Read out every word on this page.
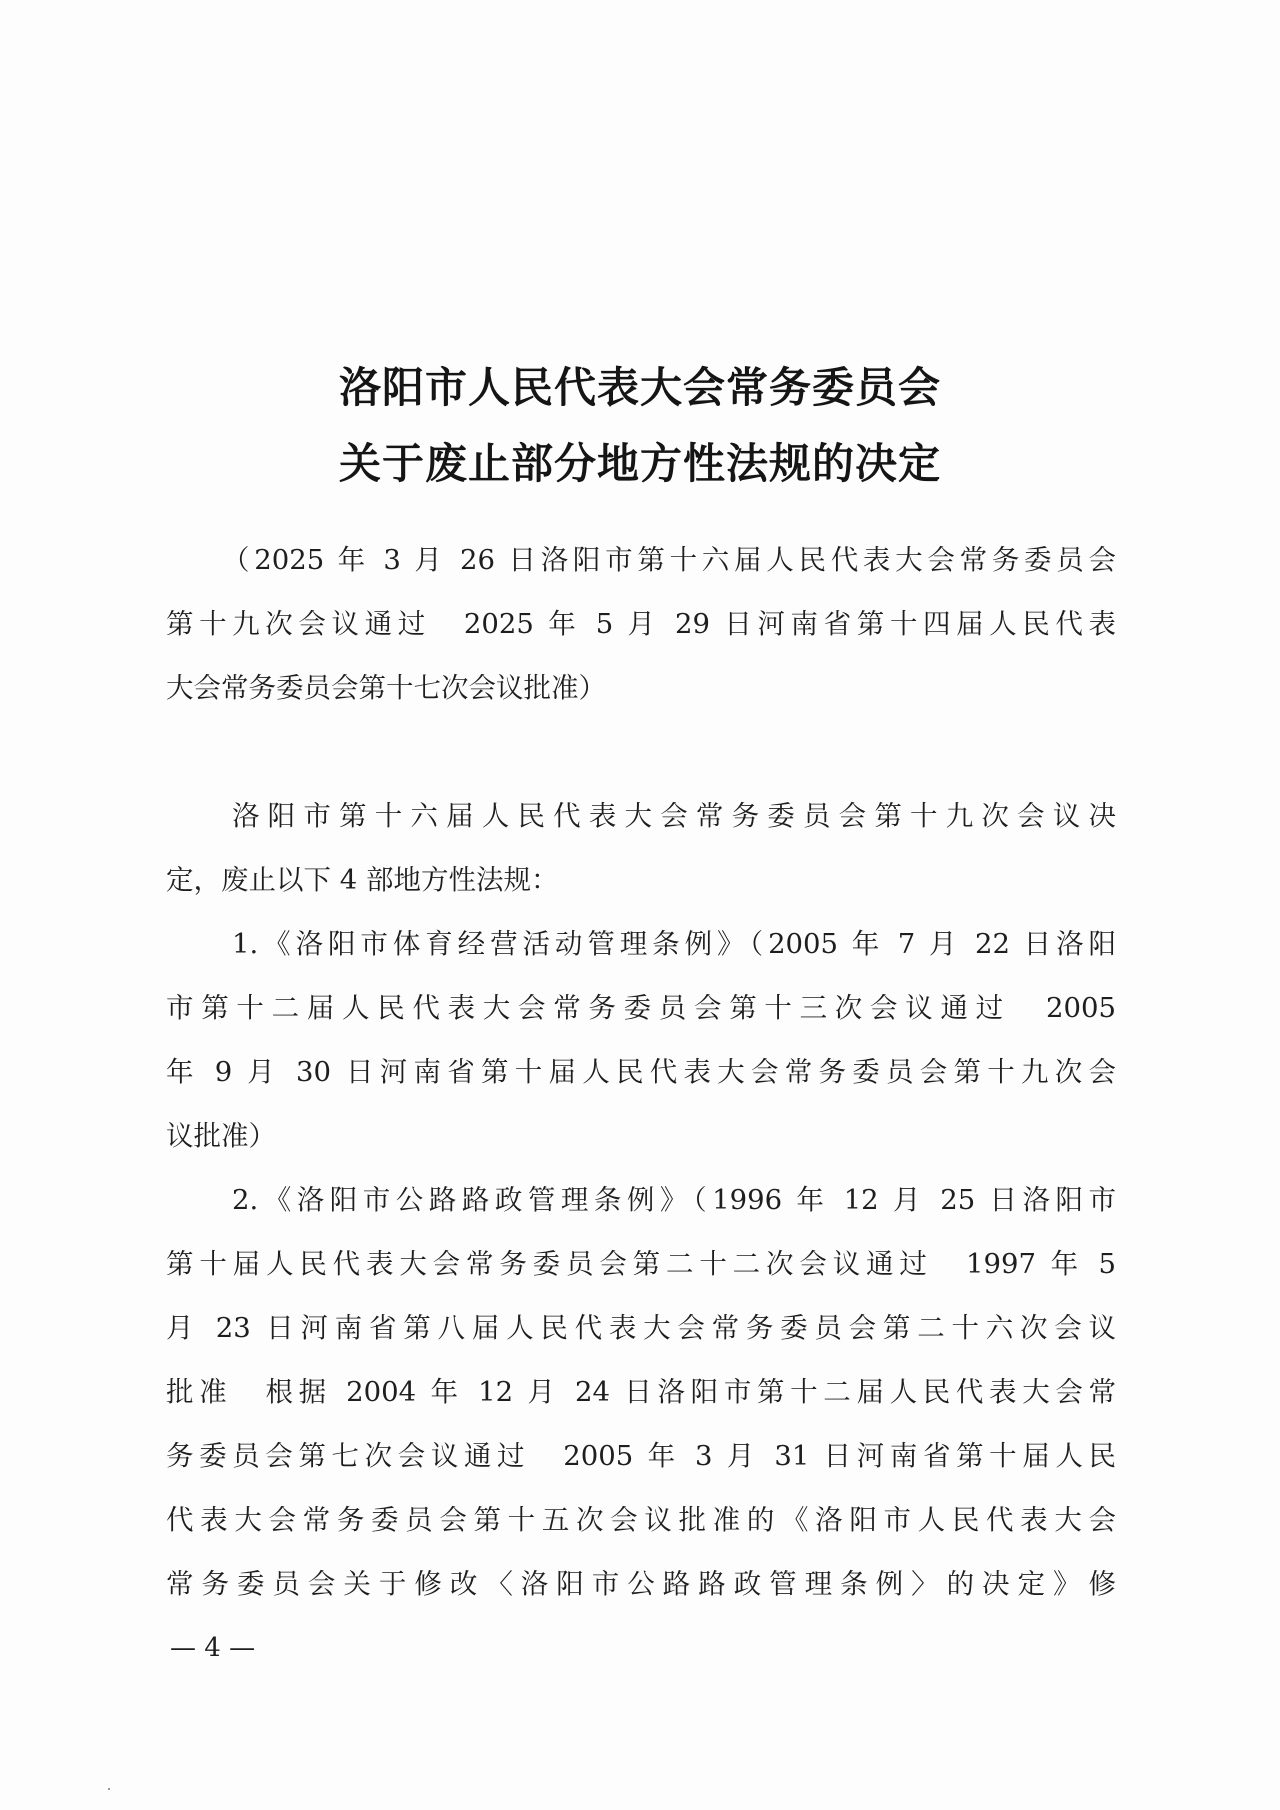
洛阳市人民代表大会常务委员会
关于废止部分地方性法规的决定
（2025 年 3 月 26 日洛阳市第十六届人民代表大会常务委员会
第十九次会议通过　2025 年 5 月 29 日河南省第十四届人民代表
大会常务委员会第十七次会议批准）
洛阳市第十六届人民代表大会常务委员会第十九次会议决
定，废止以下 4 部地方性法规：
1.《洛阳市体育经营活动管理条例》（2005 年 7 月 22 日洛阳
市第十二届人民代表大会常务委员会第十三次会议通过　2005
年 9 月 30 日河南省第十届人民代表大会常务委员会第十九次会
议批准）
2.《洛阳市公路路政管理条例》（1996 年 12 月 25 日洛阳市
第十届人民代表大会常务委员会第二十二次会议通过　1997 年 5
月 23 日河南省第八届人民代表大会常务委员会第二十六次会议
批准　根据 2004 年 12 月 24 日洛阳市第十二届人民代表大会常
务委员会第七次会议通过　2005 年 3 月 31 日河南省第十届人民
代表大会常务委员会第十五次会议批准的《洛阳市人民代表大会
常务委员会关于修改〈洛阳市公路路政管理条例〉的决定》修
— 4 —
